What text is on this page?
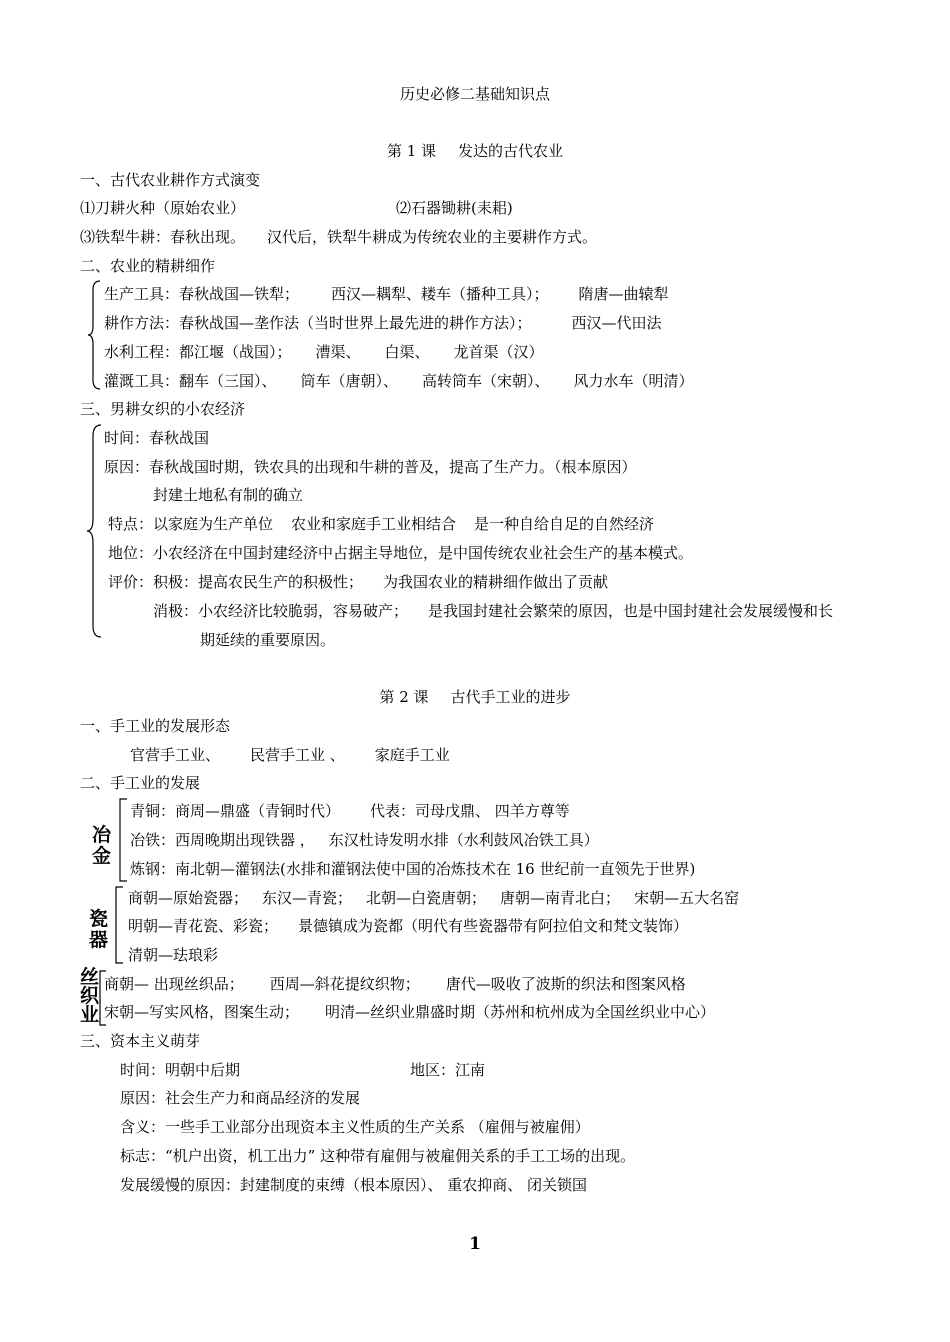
历史必修二基础知识点
第 1 课 发达的古代农业
一、古代农业耕作方式演变
⑴刀耕火种（原始农业）	⑵石器锄耕(耒耜)
⑶铁犁牛耕：春秋出现。 汉代后，铁犁牛耕成为传统农业的主要耕作方式。
二、农业的精耕细作
生产工具：春秋战国—铁犁； 西汉—耦犁、耧车（播种工具）； 隋唐—曲辕犁
耕作方法：春秋战国—垄作法（当时世界上最先进的耕作方法）；	西汉—代田法
水利工程：都江堰（战国）； 漕渠、 白渠、 龙首渠（汉）
灌溉工具：翻车（三国）、 筒车（唐朝）、 高转筒车（宋朝）、 风力水车（明清）
三、男耕女织的小农经济
时间：春秋战国
原因：春秋战国时期，铁农具的出现和牛耕的普及，提高了生产力。（根本原因）
封建土地私有制的确立
特点：以家庭为生产单位 农业和家庭手工业相结合 是一种自给自足的自然经济
地位：小农经济在中国封建经济中占据主导地位，是中国传统农业社会生产的基本模式。
评价：积极：提高农民生产的积极性； 为我国农业的精耕细作做出了贡献
消极：小农经济比较脆弱，容易破产； 是我国封建社会繁荣的原因，也是中国封建社会发展缓慢和长
期延续的重要原因。
第 2 课 古代手工业的进步
一、手工业的发展形态
官营手工业、 民营手工业 、 家庭手工业
二、手工业的发展
冶
金
青铜：商周—鼎盛（青铜时代） 代表：司母戊鼎、 四羊方尊等
冶铁：西周晚期出现铁器 ， 东汉杜诗发明水排（水利鼓风冶铁工具）
炼钢：南北朝—灌钢法(水排和灌钢法使中国的冶炼技术在 16 世纪前一直领先于世界)
瓷
器
商朝—原始瓷器； 东汉—青瓷； 北朝—白瓷唐朝； 唐朝—南青北白； 宋朝—五大名窑
明朝—青花瓷、彩瓷； 景德镇成为瓷都（明代有些瓷器带有阿拉伯文和梵文装饰）
清朝—珐琅彩
丝
织
业
商朝— 出现丝织品； 西周—斜花提纹织物； 唐代—吸收了波斯的织法和图案风格
宋朝—写实风格，图案生动； 明清—丝织业鼎盛时期（苏州和杭州成为全国丝织业中心）
三、资本主义萌芽
时间：明朝中后期	地区：江南
原因：社会生产力和商品经济的发展
含义：一些手工业部分出现资本主义性质的生产关系 （雇佣与被雇佣）
标志：“机户出资，机工出力” 这种带有雇佣与被雇佣关系的手工工场的出现。
发展缓慢的原因：封建制度的束缚（根本原因）、 重农抑商、 闭关锁国
1
